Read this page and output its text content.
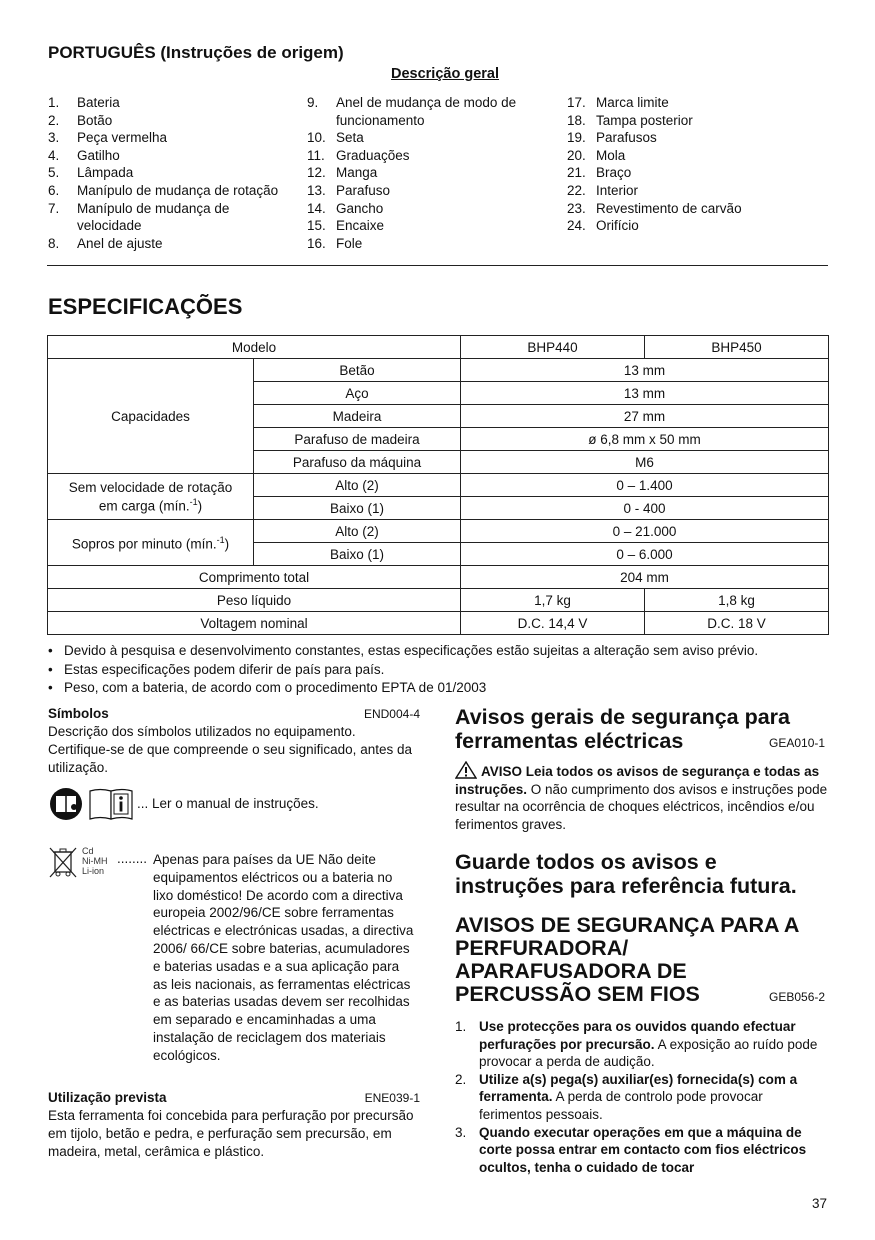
PORTUGUÊS (Instruções de origem)
Descrição geral
1. Bateria
2. Botão
3. Peça vermelha
4. Gatilho
5. Lâmpada
6. Manípulo de mudança de rotação
7. Manípulo de mudança de velocidade
8. Anel de ajuste
9. Anel de mudança de modo de funcionamento
10. Seta
11. Graduações
12. Manga
13. Parafuso
14. Gancho
15. Encaixe
16. Fole
17. Marca limite
18. Tampa posterior
19. Parafusos
20. Mola
21. Braço
22. Interior
23. Revestimento de carvão
24. Orifício
ESPECIFICAÇÕES
Modelo		BHP440	BHP450
Capacidades	Betão	13 mm	
	Aço	13 mm	
	Madeira	27 mm	
	Parafuso de madeira	ø 6,8 mm x 50 mm	
	Parafuso da máquina	M6	
Sem velocidade de rotação
em carga (mín.$^{-1}$)	Alto (2)	0 – 1.400	
	Baixo (1)	0 - 400	
Sopros por minuto (mín.$^{-1}$)	Alto (2)	0 – 21.000	
	Baixo (1)	0 – 6.000	
Comprimento total		204 mm	
Peso líquido		1,7 kg	1,8 kg
Voltagem nominal		D.C. 14,4 V	D.C. 18 V
• Devido à pesquisa e desenvolvimento constantes, estas especificações estão sujeitas a alteração sem aviso prévio.
• Estas especificações podem diferir de país para país.
• Peso, com a bateria, de acordo com o procedimento EPTA de 01/2003
Símbolos	END004-4
Descrição dos símbolos utilizados no equipamento. Certifique-se de que compreende o seu significado, antes da utilização.
... Ler o manual de instruções.
Cd
Ni-MH
Li-ion
........ Apenas para países da UE Não deite equipamentos eléctricos ou a bateria no lixo doméstico! De acordo com a directiva europeia 2002/96/CE sobre ferramentas eléctricas e electrónicas usadas, a directiva 2006/ 66/CE sobre baterias, acumuladores e baterias usadas e a sua aplicação para as leis nacionais, as ferramentas eléctricas e as baterias usadas devem ser recolhidas em separado e encaminhadas a uma instalação de reciclagem dos materiais ecológicos.
Utilização prevista	ENE039-1
Esta ferramenta foi concebida para perfuração por precursão em tijolo, betão e pedra, e perfuração sem precursão, em madeira, metal, cerâmica e plástico.
Avisos gerais de segurança para
ferramentas eléctricas	GEA010-1
AVISO Leia todos os avisos de segurança e todas as instruções. O não cumprimento dos avisos e instruções pode resultar na ocorrência de choques eléctricos, incêndios e/ou ferimentos graves.
Guarde todos os avisos e
instruções para referência futura.
AVISOS DE SEGURANÇA PARA A
PERFURADORA/
APARAFUSADORA DE
PERCUSSÃO SEM FIOS	GEB056-2
1. Use protecções para os ouvidos quando efectuar perfurações por precursão. A exposição ao ruído pode provocar a perda de audição.
2. Utilize a(s) pega(s) auxiliar(es) fornecida(s) com a ferramenta. A perda de controlo pode provocar ferimentos pessoais.
3. Quando executar operações em que a máquina de corte possa entrar em contacto com fios eléctricos ocultos, tenha o cuidado de tocar
37
